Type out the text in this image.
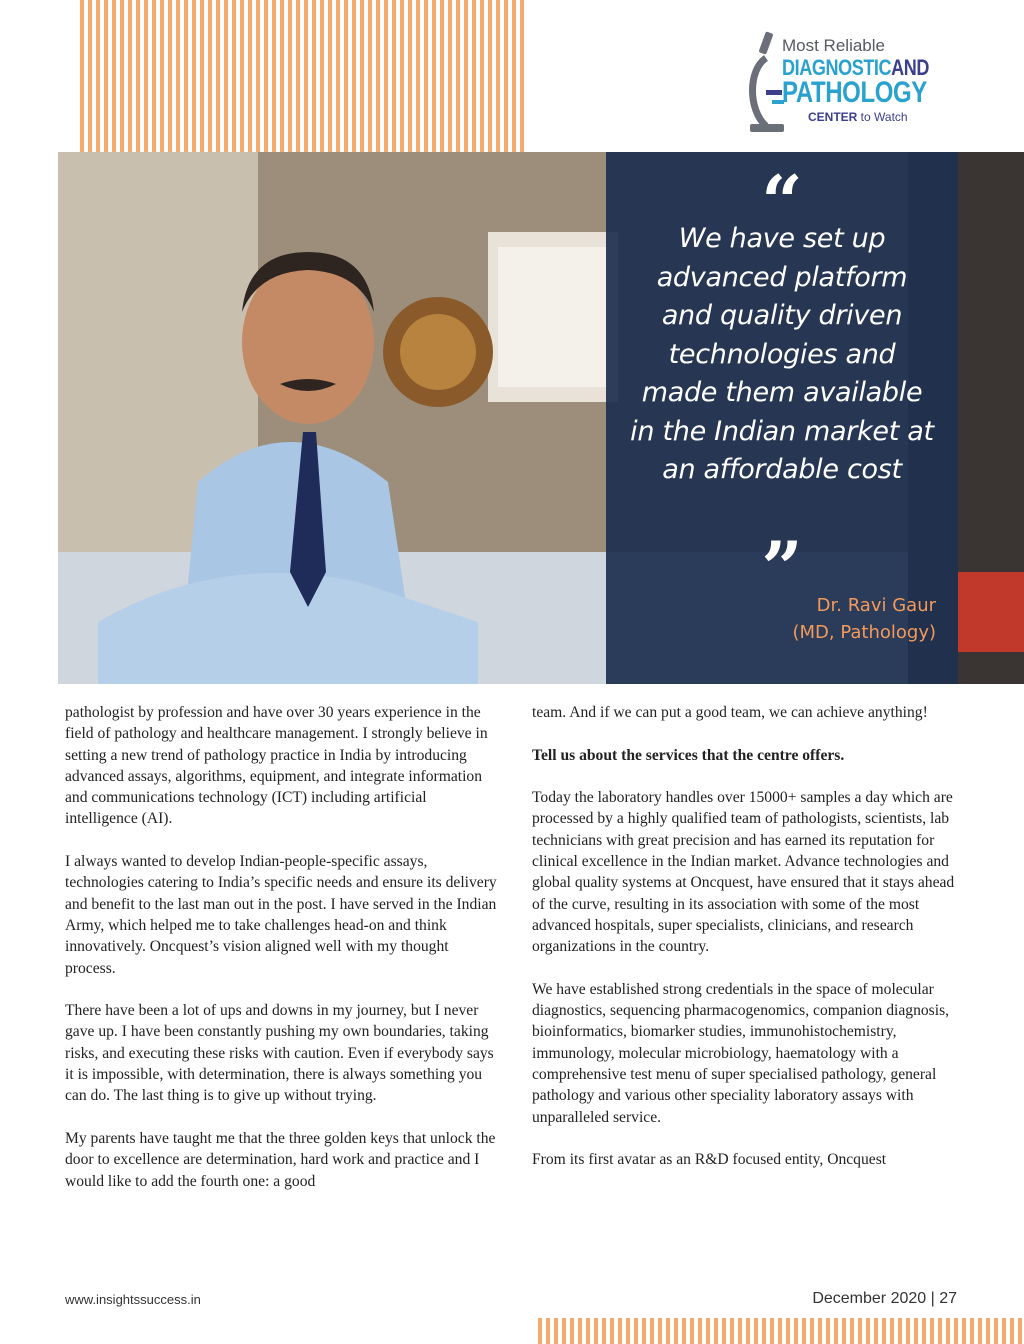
Most Reliable
DIAGNOSTICAND
PATHOLOGY
CENTER to Watch
“
We have set up advanced platform and quality driven technologies and made them available in the Indian market at an affordable cost
” Dr. Ravi Gaur
(MD, Pathology)

pathologist by profession and have over 30 years experience in the field of pathology and healthcare management. I strongly believe in setting a new trend of pathology practice in India by introducing advanced assays, algorithms, equipment, and integrate information and communications technology (ICT) including artificial intelligence (AI).

I always wanted to develop Indian-people-specific assays, technologies catering to India’s specific needs and ensure its delivery and benefit to the last man out in the post. I have served in the Indian Army, which helped me to take challenges head-on and think innovatively. Oncquest’s vision aligned well with my thought process.

There have been a lot of ups and downs in my journey, but I never gave up. I have been constantly pushing my own boundaries, taking risks, and executing these risks with caution. Even if everybody says it is impossible, with determination, there is always something you can do. The last thing is to give up without trying.

My parents have taught me that the three golden keys that unlock the door to excellence are determination, hard work and practice and I would like to add the fourth one: a good

team. And if we can put a good team, we can achieve anything!

Tell us about the services that the centre offers.

Today the laboratory handles over 15000+ samples a day which are processed by a highly qualified team of pathologists, scientists, lab technicians with great precision and has earned its reputation for clinical excellence in the Indian market. Advance technologies and global quality systems at Oncquest, have ensured that it stays ahead of the curve, resulting in its association with some of the most advanced hospitals, super specialists, clinicians, and research organizations in the country.

We have established strong credentials in the space of molecular diagnostics, sequencing pharmacogenomics, companion diagnosis, bioinformatics, biomarker studies, immunohistochemistry, immunology, molecular microbiology, haematology with a comprehensive test menu of super specialised pathology, general pathology and various other speciality laboratory assays with unparalleled service.

From its first avatar as an R&D focused entity, Oncquest

www.insightssuccess.in	December 2020 | 27
